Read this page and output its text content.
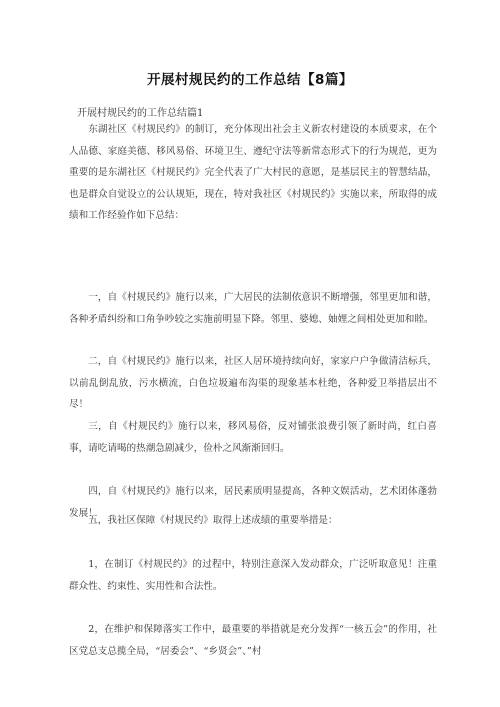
开展村规民约的工作总结【8篇】
开展村规民约的工作总结篇1

东湖社区《村规民约》的制订，充分体现出社会主义新农村建设的本质要求，在个人品德、家庭美德、移风易俗、环境卫生、遵纪守法等新常态形式下的行为规范，更为重要的是东湖社区《村规民约》完全代表了广大村民的意愿，是基层民主的智慧结晶，也是群众自觉设立的公认规矩，现在，特对我社区《村规民约》实施以来，所取得的成绩和工作经验作如下总结：

一，自《村规民约》施行以来，广大居民的法制依意识不断增强，邻里更加和谐，各种矛盾纠纷和口角争吵较之实施前明显下降。邻里、婆媳、妯娌之间相处更加和睦。

二，自《村规民约》施行以来，社区人居环境持续向好，家家户户争做清洁标兵，以前乱倒乱放，污水横流，白色垃圾遍布沟渠的现象基本杜绝，各种爱卫举措层出不尽！

三，自《村规民约》施行以来，移风易俗，反对铺张浪费引领了新时尚，红白喜事，请吃请喝的热潮急剧减少，俭朴之风渐渐回归。

四，自《村规民约》施行以来，居民素质明显提高，各种文娱活动，艺术团体蓬勃发展！

五，我社区保障《村规民约》取得上述成绩的重要举措是：

1，在制订《村规民约》的过程中，特别注意深入发动群众，广泛听取意见！注重群众性、约束性、实用性和合法性。

2，在维护和保障落实工作中，最重要的举措就是充分发挥“一核五会”的作用，社区党总支总揽全局，“居委会”、“乡贤会”、”村
